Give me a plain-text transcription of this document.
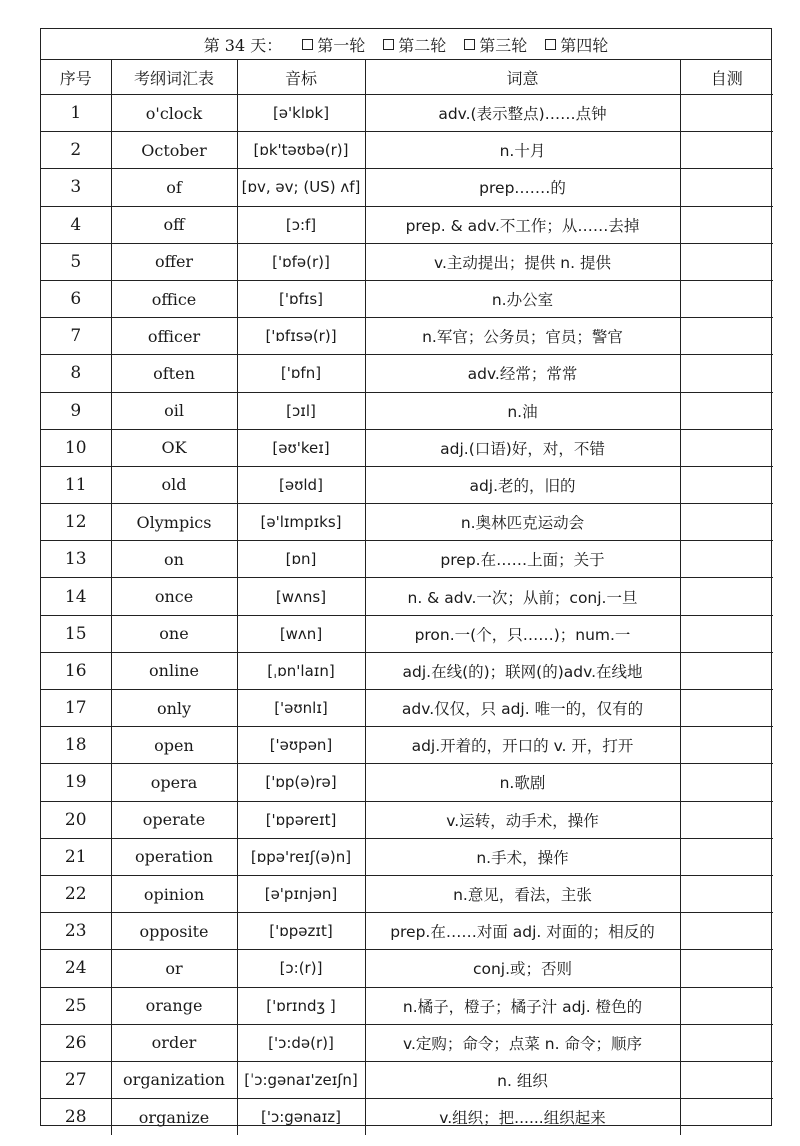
第 34 天： 第一轮 第二轮 第三轮 第四轮
序号	考纲词汇表	音标	词意	自测
1	o'clock	[ə'klɒk]	adv.(表示整点)……点钟	
2	October	[ɒk'təʊbə(r)]	n.十月	
3	of	[ɒv, əv; (US) ʌf]	prep.……的	
4	off	[ɔ:f]	prep. & adv.不工作；从……去掉	
5	offer	['ɒfə(r)]	v.主动提出；提供 n. 提供	
6	office	['ɒfɪs]	n.办公室	
7	officer	['ɒfɪsə(r)]	n.军官；公务员；官员；警官	
8	often	['ɒfn]	adv.经常；常常	
9	oil	[ɔɪl]	n.油	
10	OK	[əʊ'keɪ]	adj.(口语)好，对，不错	
11	old	[əʊld]	adj.老的，旧的	
12	Olympics	[ə'lɪmpɪks]	n.奥林匹克运动会	
13	on	[ɒn]	prep.在……上面；关于	
14	once	[wʌns]	n. & adv.一次；从前；conj.一旦	
15	one	[wʌn]	pron.一(个，只……)；num.一	
16	online	[ˌɒn'laɪn]	adj.在线(的)；联网(的)adv.在线地	
17	only	['əʊnlɪ]	adv.仅仅，只 adj. 唯一的，仅有的	
18	open	['əʊpən]	adj.开着的，开口的 v. 开，打开	
19	opera	['ɒp(ə)rə]	n.歌剧	
20	operate	['ɒpəreɪt]	v.运转，动手术，操作	
21	operation	[ɒpə'reɪʃ(ə)n]	n.手术，操作	
22	opinion	[ə'pɪnjən]	n.意见，看法，主张	
23	opposite	['ɒpəzɪt]	prep.在……对面 adj. 对面的；相反的	
24	or	[ɔ:(r)]	conj.或；否则	
25	orange	['ɒrɪndʒ ]	n.橘子，橙子；橘子汁 adj. 橙色的	
26	order	['ɔ:də(r)]	v.定购；命令；点菜 n. 命令；顺序	
27	organization	[ˈɔ:gənaɪ'zeɪʃn]	n. 组织	
28	organize	['ɔ:gənaɪz]	v.组织；把......组织起来	
